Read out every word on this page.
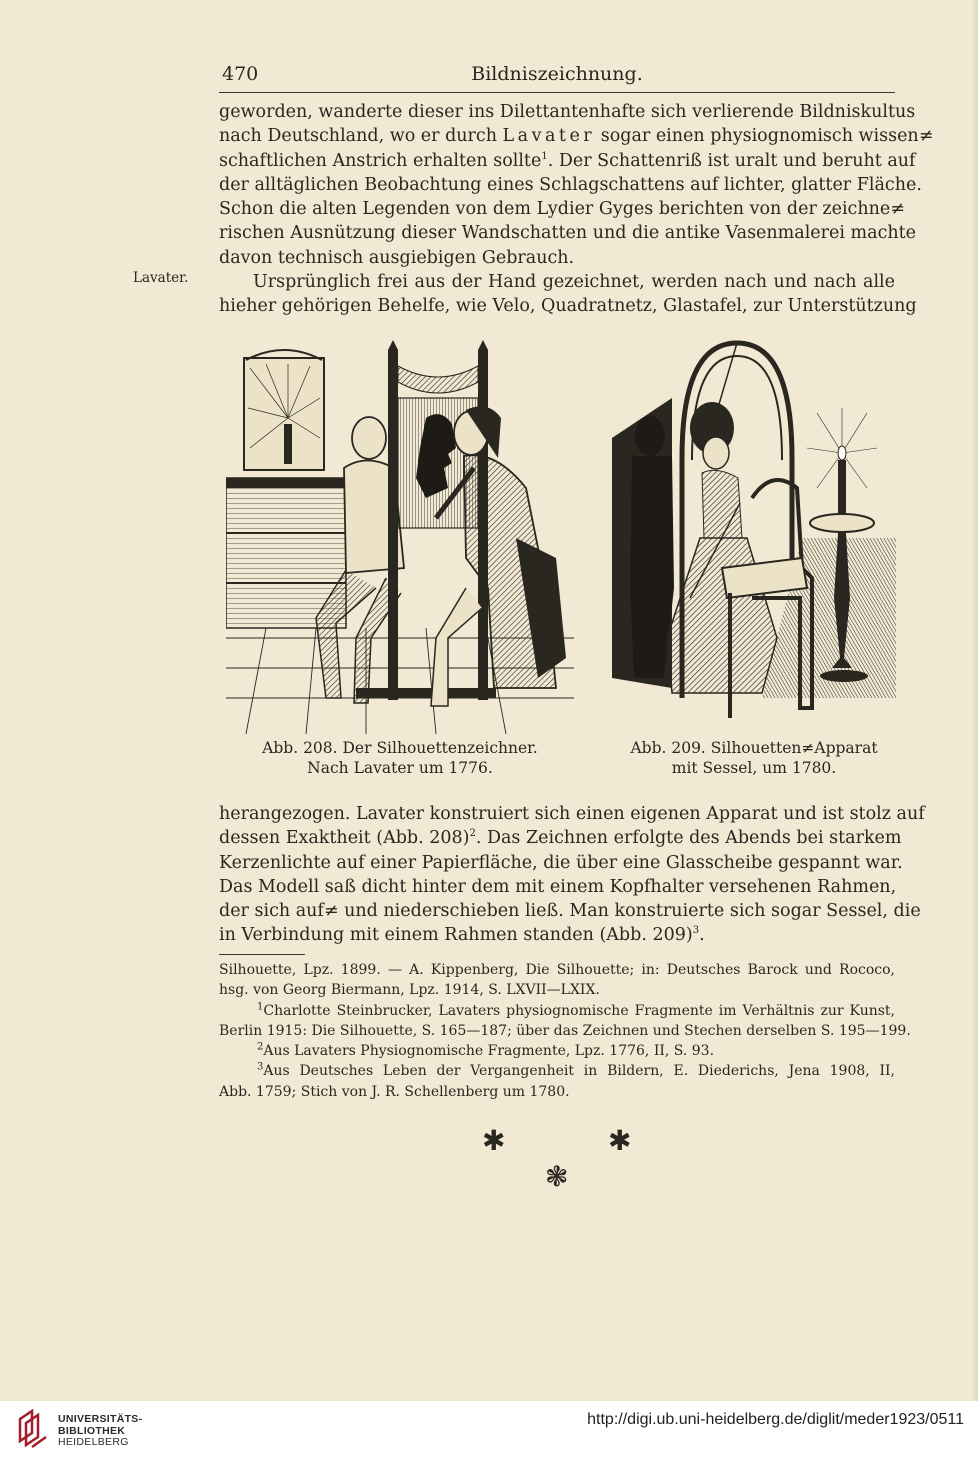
470	Bildniszeichnung.

geworden, wanderte dieser ins Dilettantenhafte sich verlierende Bildniskultus
nach Deutschland, wo er durch Lavater sogar einen physiognomisch wissen≠
schaftlichen Anstrich erhalten sollte$^1$. Der Schattenriß ist uralt und beruht auf
der alltäglichen Beobachtung eines Schlagschattens auf lichter, glatter Fläche.
Schon die alten Legenden von dem Lydier Gyges berichten von der zeichne≠
rischen Ausnützung dieser Wandschatten und die antike Vasenmalerei machte
davon technisch ausgiebigen Gebrauch.

Lavater.	Ursprünglich frei aus der Hand gezeichnet, werden nach und nach alle
hieher gehörigen Behelfe, wie Velo, Quadratnetz, Glastafel, zur Unterstützung

Abb. 208. Der Silhouettenzeichner.
Nach Lavater um 1776.
Abb. 209. Silhouetten≠Apparat
mit Sessel, um 1780.

herangezogen. Lavater konstruiert sich einen eigenen Apparat und ist stolz auf
dessen Exaktheit (Abb. 208)$^2$. Das Zeichnen erfolgte des Abends bei starkem
Kerzenlichte auf einer Papierfläche, die über eine Glasscheibe gespannt war.
Das Modell saß dicht hinter dem mit einem Kopfhalter versehenen Rahmen,
der sich auf≠ und niederschieben ließ. Man konstruierte sich sogar Sessel, die
in Verbindung mit einem Rahmen standen (Abb. 209)$^3$.

Silhouette, Lpz. 1899. — A. Kippenberg, Die Silhouette; in: Deutsches Barock und Rococo,
hsg. von Georg Biermann, Lpz. 1914, S. LXVII—LXIX.
$^1$Charlotte Steinbrucker, Lavaters physiognomische Fragmente im Verhältnis zur Kunst,
Berlin 1915: Die Silhouette, S. 165—187; über das Zeichnen und Stechen derselben S. 195—199.
$^2$Aus Lavaters Physiognomische Fragmente, Lpz. 1776, II, S. 93.
$^3$Aus Deutsches Leben der Vergangenheit in Bildern, E. Diederichs, Jena 1908, II,
Abb. 1759; Stich von J. R. Schellenberg um 1780.
✱	✱
❃
UNIVERSITÄTS-
BIBLIOTHEK
HEIDELBERG
http://digi.ub.uni-heidelberg.de/diglit/meder1923/0511
